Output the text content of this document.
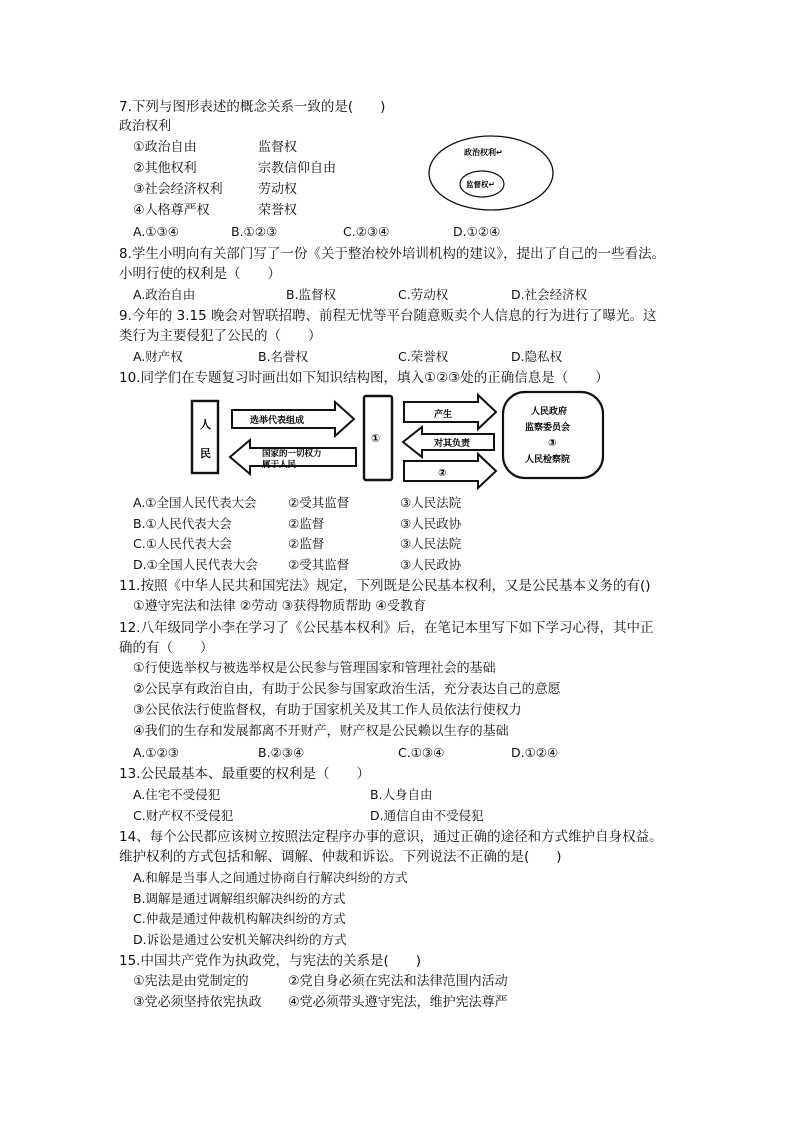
7.下列与图形表述的概念关系一致的是(　　)
政治权利
①政治自由	监督权
②其他权利	宗教信仰自由
③社会经济权利	劳动权
④人格尊严权	荣誉权
A.①③④	B.①②③	C.②③④	D.①②④
政治权利↵
监督权↵
8.学生小明向有关部门写了一份《关于整治校外培训机构的建议》，提出了自己的一些看法。
小明行使的权利是（　　）
A.政治自由	B.监督权	C.劳动权	D.社会经济权
9.今年的 3.15 晚会对智联招聘、前程无忧等平台随意贩卖个人信息的行为进行了曝光。这
类行为主要侵犯了公民的（　　）
A.财产权	B.名誉权	C.荣誉权	D.隐私权
10.同学们在专题复习时画出如下知识结构图，填入①②③处的正确信息是（　　）
人
民
选举代表组成
国家的一切权力
属于人民
①
产生
对其负责
②
人民政府
监察委员会
③
人民检察院
A.①全国人民代表大会	②受其监督	③人民法院
B.①人民代表大会	②监督	③人民政协
C.①人民代表大会	②监督	③人民法院
D.①全国人民代表大会 ②受其监督	③人民政协
11.按照《中华人民共和国宪法》规定，下列既是公民基本权利，又是公民基本义务的有()
①遵守宪法和法律 ②劳动 ③获得物质帮助 ④受教育
12.八年级同学小李在学习了《公民基本权利》后，在笔记本里写下如下学习心得，其中正
确的有（　　）
①行使选举权与被选举权是公民参与管理国家和管理社会的基础
②公民享有政治自由，有助于公民参与国家政治生活，充分表达自己的意愿
③公民依法行使监督权，有助于国家机关及其工作人员依法行使权力
④我们的生存和发展都离不开财产，财产权是公民赖以生存的基础
A.①②③	B.②③④	C.①③④	D.①②④
13.公民最基本、最重要的权利是（　　）
A.住宅不受侵犯	B.人身自由
C.财产权不受侵犯	D.通信自由不受侵犯
14、每个公民都应该树立按照法定程序办事的意识，通过正确的途径和方式维护自身权益。
维护权利的方式包括和解、调解、仲裁和诉讼。下列说法不正确的是(　　)
A.和解是当事人之间通过协商自行解决纠纷的方式
B.调解是通过调解组织解决纠纷的方式
C.仲裁是通过仲裁机构解决纠纷的方式
D.诉讼是通过公安机关解决纠纷的方式
15.中国共产党作为执政党，与宪法的关系是(　　)
①宪法是由党制定的	②党自身必须在宪法和法律范围内活动
③党必须坚持依宪执政 ④党必须带头遵守宪法，维护宪法尊严
